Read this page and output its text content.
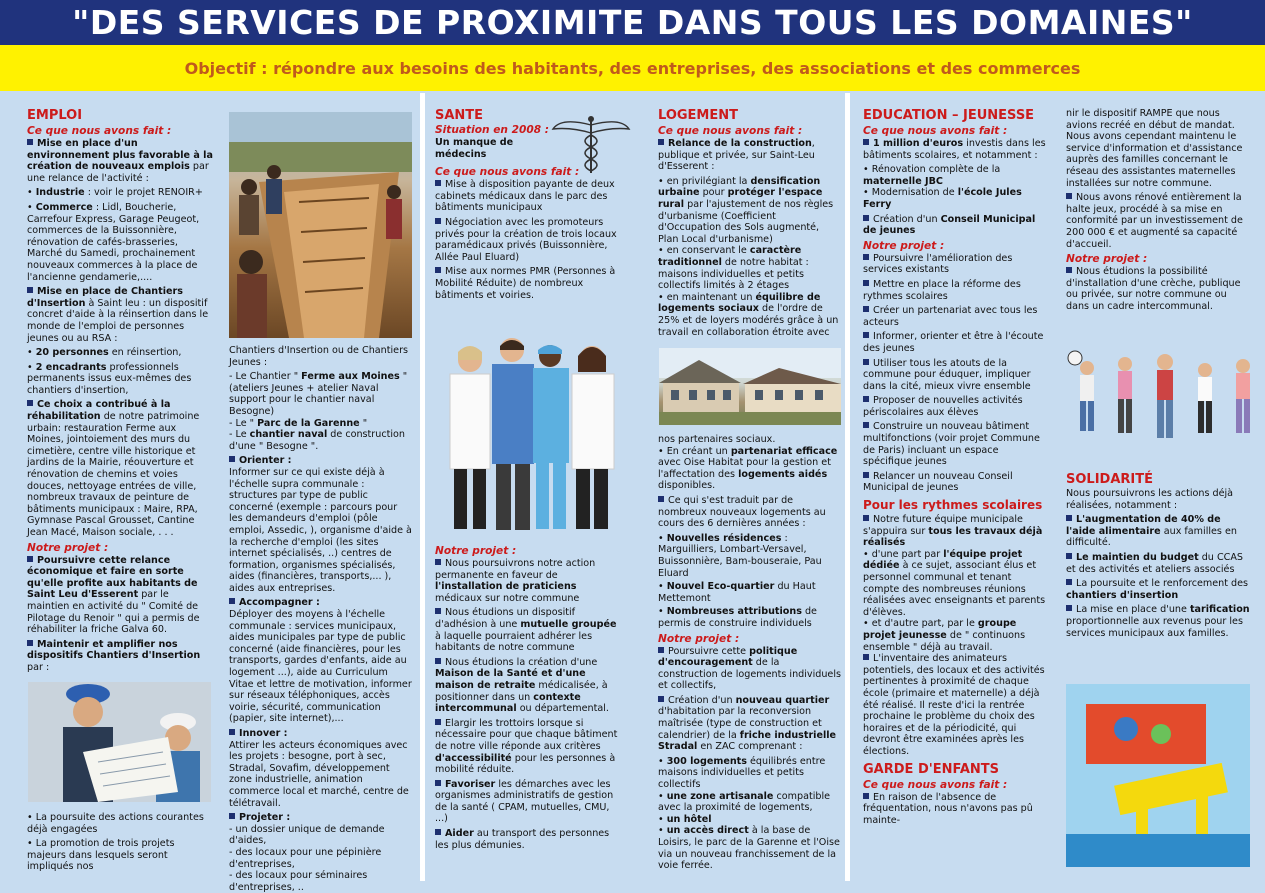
"DES SERVICES DE PROXIMITE DANS TOUS LES DOMAINES"
Objectif : répondre aux besoins des habitants, des entreprises, des associations et des commerces
EMPLOI
Ce que nous avons fait :

Mise en place d'un environnement plus favorable à la création de nouveaux emplois par une relance de l'activité :

• Industrie : voir le projet RENOIR+

• Commerce : Lidl, Boucherie, Carrefour Express, Garage Peugeot, commerces de la Buissonnière, rénovation de cafés-brasseries, Marché du Samedi, prochainement nouveaux commerces à la place de l'ancienne gendamerie,....

Mise en place de Chantiers d'Insertion à Saint leu : un dispositif concret d'aide à la réinsertion dans le monde de l'emploi de personnes jeunes ou au RSA :

• 20 personnes en réinsertion,

• 2 encadrants professionnels permanents issus eux-mêmes des chantiers d'insertion,

Ce choix a contribué à la réhabilitation de notre patrimoine urbain: restauration Ferme aux Moines, jointoiement des murs du cimetière, centre ville historique et jardins de la Mairie, réouverture et rénovation de chemins et voies douces, nettoyage entrées de ville, nombreux travaux de peinture de bâtiments municipaux : Maire, RPA, Gymnase Pascal Grousset, Cantine Jean Macé, Maison sociale, . . .

Notre projet :

Poursuivre cette relance économique et faire en sorte qu'elle profite aux habitants de Saint Leu d'Esserent par le maintien en activité du " Comité de Pilotage du Renoir " qui a permis de réhabiliter la friche Galva 60.

Maintenir et amplifier nos dispositifs Chantiers d'Insertion par :

• La poursuite des actions courantes déjà engagées

• La promotion de trois projets majeurs dans lesquels seront impliqués nos

Chantiers d'Insertion ou de Chantiers Jeunes :

- Le Chantier " Ferme aux Moines " (ateliers Jeunes + atelier Naval support pour le chantier naval Besogne)

- Le " Parc de la Garenne "

- Le chantier naval de construction d'une " Besogne ".

Orienter :

Informer sur ce qui existe déjà à l'échelle supra communale : structures par type de public concerné (exemple : parcours pour les demandeurs d'emploi (pôle emploi, Assedic, ), organisme d'aide à la recherche d'emploi (les sites internet spécialisés, ..) centres de formation, organismes spécialisés, aides (financières, transports,... ), aides aux entreprises.

Accompagner :

Déployer des moyens à l'échelle communale : services municipaux, aides municipales par type de public concerné (aide financières, pour les transports, gardes d'enfants, aide au logement ...), aide au Curriculum Vitae et lettre de motivation, informer sur réseaux téléphoniques, accès voirie, sécurité, communication (papier, site internet),...

Innover :

Attirer les acteurs économiques avec les projets : besogne, port à sec, Stradal, Sovafim, développement zone industrielle, animation commerce local et marché, centre de télétravail.

Projeter :

- un dossier unique de demande d'aides,

- des locaux pour une pépinière d'entreprises,

- des locaux pour séminaires d'entreprises, ..

SANTE
Situation en 2008 :

Un manque de médecins

Ce que nous avons fait :

Mise à disposition payante de deux cabinets médicaux dans le parc des bâtiments municipaux

Négociation avec les promoteurs privés pour la création de trois locaux paramédicaux privés (Buissonnière, Allée Paul Eluard)

Mise aux normes PMR (Personnes à Mobilité Réduite) de nombreux bâtiments et voiries.

Notre projet :

Nous poursuivrons notre action permanente en faveur de l'installation de praticiens médicaux sur notre commune

Nous étudions un dispositif d'adhésion à une mutuelle groupée à laquelle pourraient adhérer les habitants de notre commune

Nous étudions la création d'une Maison de la Santé et d'une maison de retraite médicalisée, à positionner dans un contexte intercommunal ou départemental.

Elargir les trottoirs lorsque si nécessaire pour que chaque bâtiment de notre ville réponde aux critères d'accessibilité pour les personnes à mobilité réduite.

Favoriser les démarches avec les organismes administratifs de gestion de la santé ( CPAM, mutuelles, CMU, ...)

Aider au transport des personnes les plus démunies.

LOGEMENT
Ce que nous avons fait :

Relance de la construction, publique et privée, sur Saint-Leu d'Esserent :

• en privilégiant la densification urbaine pour protéger l'espace rural par l'ajustement de nos règles d'urbanisme (Coefficient d'Occupation des Sols augmenté, Plan Local d'urbanisme)

• en conservant le caractère traditionnel de notre habitat : maisons individuelles et petits collectifs limités à 2 étages

• en maintenant un équilibre de logements sociaux de l'ordre de 25% et de loyers modérés grâce à un travail en collaboration étroite avec

nos partenaires sociaux.

• En créant un partenariat efficace avec Oise Habitat pour la gestion et l'affectation des logements aidés disponibles.

Ce qui s'est traduit par de nombreux nouveaux logements au cours des 6 dernières années :

• Nouvelles résidences : Marguilliers, Lombart-Versavel, Buissonnière, Bam-bouseraie, Pau Eluard

• Nouvel Eco-quartier du Haut Mettemont

• Nombreuses attributions de permis de construire individuels

Notre projet :

Poursuivre cette politique d'encouragement de la construction de logements individuels et collectifs,

Création d'un nouveau quartier d'habitation par la reconversion maîtrisée (type de construction et calendrier) de la friche industrielle Stradal en ZAC comprenant :

• 300 logements équilibrés entre maisons individuelles et petits collectifs

• une zone artisanale compatible avec la proximité de logements,

• un hôtel

• un accès direct à la base de Loisirs, le parc de la Garenne et l'Oise via un nouveau franchissement de la voie ferrée.

EDUCATION – JEUNESSE
Ce que nous avons fait :

1 million d'euros investis dans les bâtiments scolaires, et notamment :

• Rénovation complète de la maternelle JBC

• Modernisation de l'école Jules Ferry

Création d'un Conseil Municipal de jeunes

Notre projet :

Poursuivre l'amélioration des services existants

Mettre en place la réforme des rythmes scolaires

Créer un partenariat avec tous les acteurs

Informer, orienter et être à l'écoute des jeunes

Utiliser tous les atouts de la commune pour éduquer, impliquer dans la cité, mieux vivre ensemble

Proposer de nouvelles activités périscolaires aux élèves

Construire un nouveau bâtiment multifonctions (voir projet Commune de Paris) incluant un espace spécifique jeunes

Relancer un nouveau Conseil Municipal de jeunes

Pour les rythmes scolaires

Notre future équipe municipale s'appuira sur tous les travaux déjà réalisés

• d'une part par l'équipe projet dédiée à ce sujet, associant élus et personnel communal et tenant compte des nombreuses réunions réalisées avec enseignants et parents d'élèves.

• et d'autre part, par le groupe projet jeunesse de " continuons ensemble " déjà au travail.

L'inventaire des animateurs potentiels, des locaux et des activités pertinentes à proximité de chaque école (primaire et maternelle) a déjà été réalisé. Il reste d'ici la rentrée prochaine le problème du choix des horaires et de la périodicité, qui devront être examinées après les élections.

GARDE D'ENFANTS
Ce que nous avons fait :

En raison de l'absence de fréquentation, nous n'avons pas pû mainte-

nir le dispositif RAMPE que nous avions recréé en début de mandat. Nous avons cependant maintenu le service d'information et d'assistance auprès des familles concernant le réseau des assistantes maternelles installées sur notre commune.

Nous avons rénové entièrement la halte jeux, procédé à sa mise en conformité par un investissement de 200 000 € et augmenté sa capacité d'accueil.

Notre projet :

Nous étudions la possibilité d'installation d'une crèche, publique ou privée, sur notre commune ou dans un cadre intercommunal.

SOLIDARITÉ

Nous poursuivrons les actions déjà réalisées, notamment :

L'augmentation de 40% de l'aide alimentaire aux familles en difficulté.

Le maintien du budget du CCAS et des activités et ateliers associés

La poursuite et le renforcement des chantiers d'insertion

La mise en place d'une tarification proportionnelle aux revenus pour les services municipaux aux familles.
